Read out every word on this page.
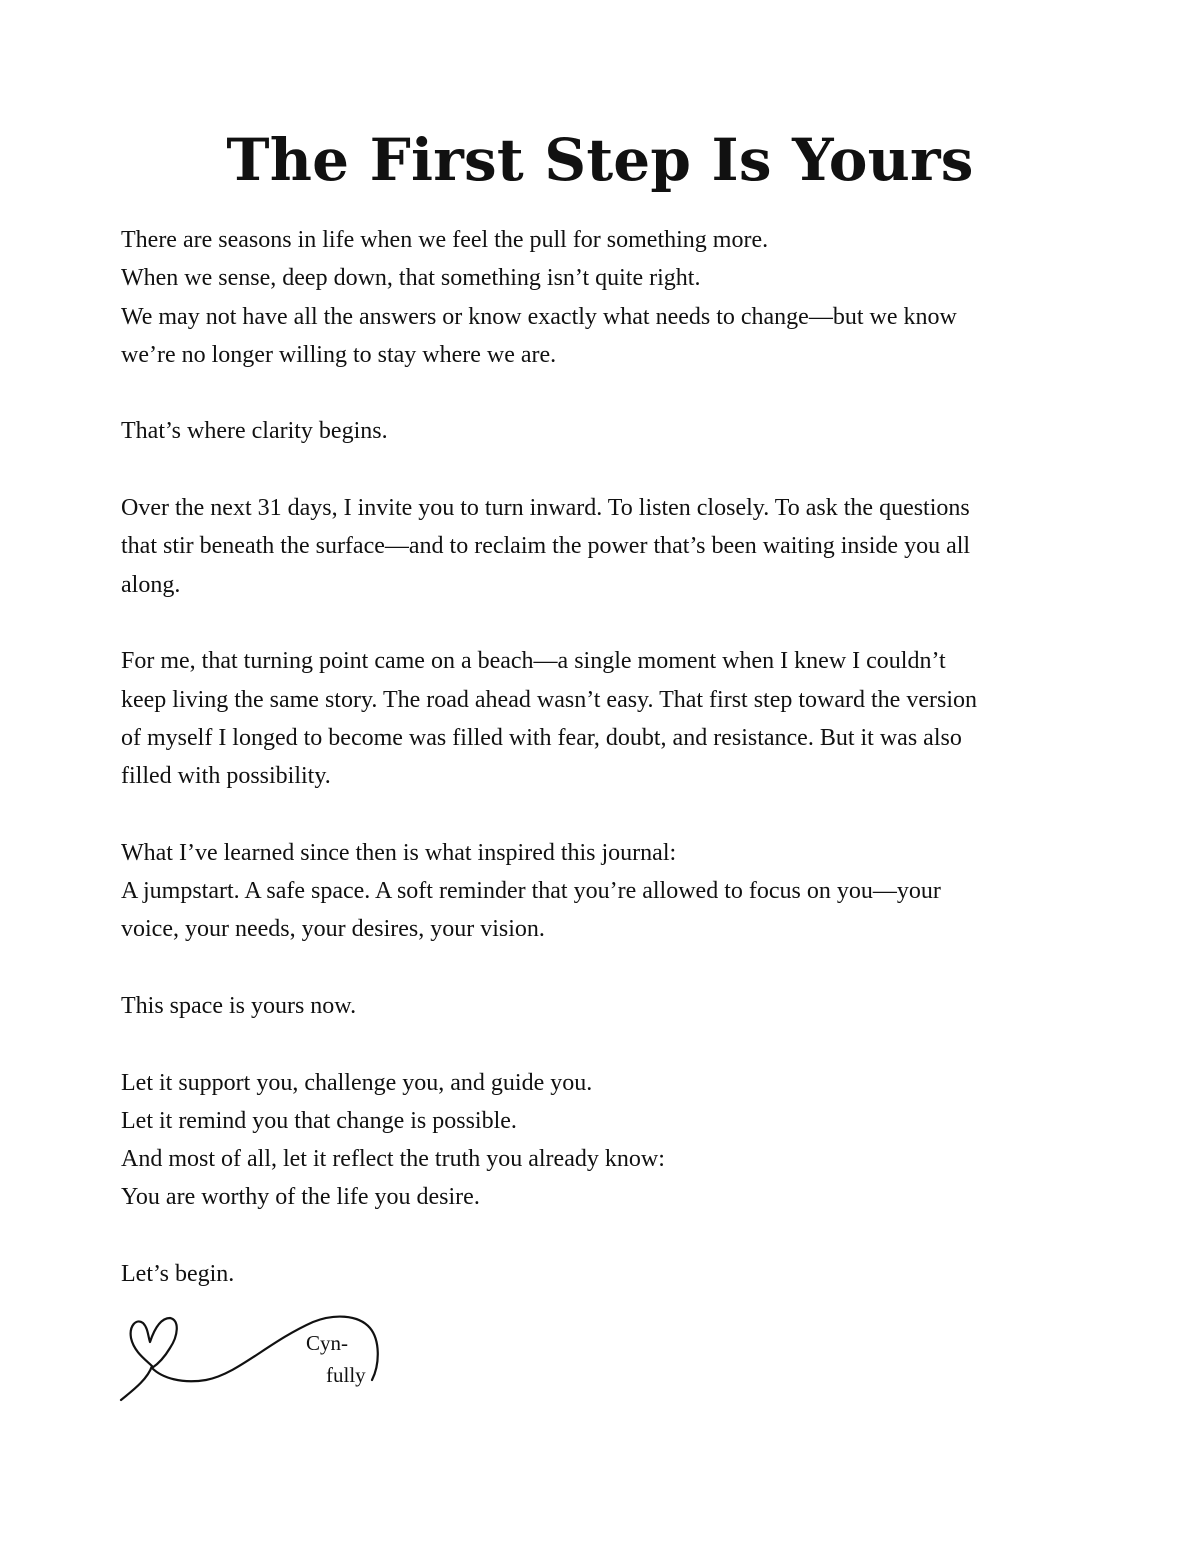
The First Step Is Yours

There are seasons in life when we feel the pull for something more.
When we sense, deep down, that something isn’t quite right.
We may not have all the answers or know exactly what needs to change—but we know
we’re no longer willing to stay where we are.

That’s where clarity begins.

Over the next 31 days, I invite you to turn inward. To listen closely. To ask the questions
that stir beneath the surface—and to reclaim the power that’s been waiting inside you all
along.

For me, that turning point came on a beach—a single moment when I knew I couldn’t
keep living the same story. The road ahead wasn’t easy. That first step toward the version
of myself I longed to become was filled with fear, doubt, and resistance. But it was also
filled with possibility.

What I’ve learned since then is what inspired this journal:
A jumpstart. A safe space. A soft reminder that you’re allowed to focus on you—your
voice, your needs, your desires, your vision.

This space is yours now.

Let it support you, challenge you, and guide you.
Let it remind you that change is possible.
And most of all, let it reflect the truth you already know:
You are worthy of the life you desire.

Let’s begin.

Cyn-
fully
